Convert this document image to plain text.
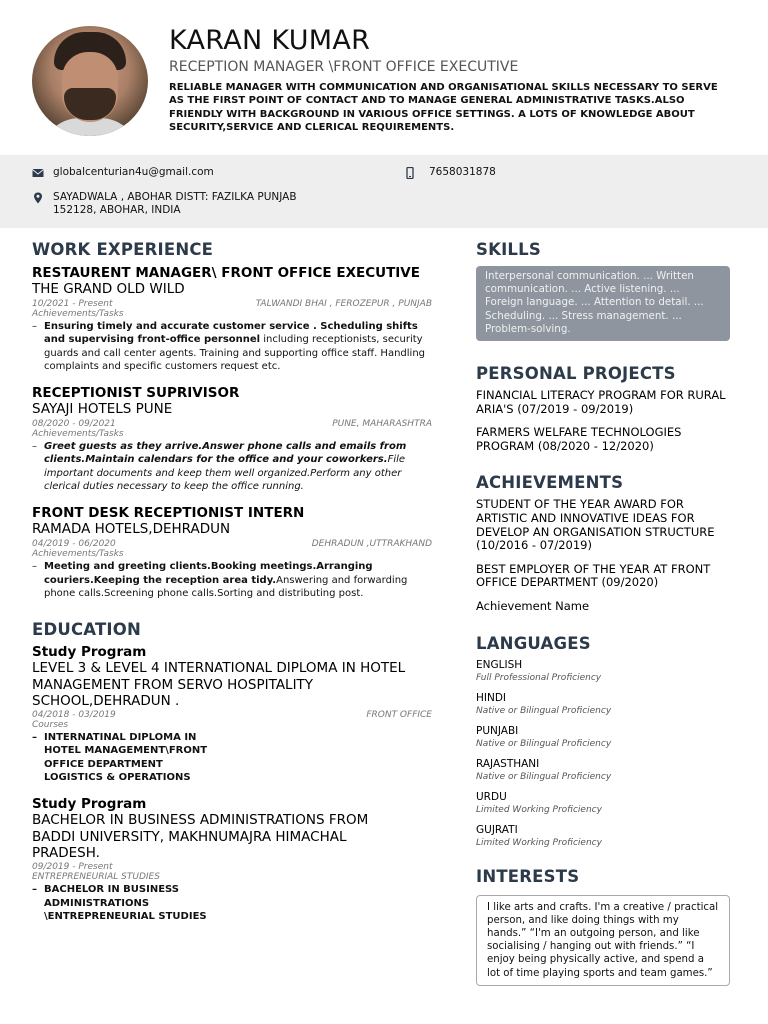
KARAN KUMAR
RECEPTION MANAGER \FRONT OFFICE EXECUTIVE
RELIABLE MANAGER WITH COMMUNICATION AND ORGANISATIONAL SKILLS NECESSARY TO SERVE AS THE FIRST POINT OF CONTACT AND TO MANAGE GENERAL ADMINISTRATIVE TASKS.ALSO FRIENDLY WITH BACKGROUND IN VARIOUS OFFICE SETTINGS. A LOTS OF KNOWLEDGE ABOUT SECURITY,SERVICE AND CLERICAL REQUIREMENTS.
globalcenturian4u@gmail.com	7658031878
SAYADWALA , ABOHAR DISTT: FAZILKA PUNJAB
152128, ABOHAR, INDIA
WORK EXPERIENCE
RESTAURENT MANAGER\ FRONT OFFICE EXECUTIVE
THE GRAND OLD WILD
10/2021 - Present	TALWANDI BHAI , FEROZEPUR , PUNJAB
Achievements/Tasks
– Ensuring timely and accurate customer service . Scheduling shifts and supervising front-office personnel including receptionists, security guards and call center agents. Training and supporting office staff. Handling complaints and specific customers request etc.
RECEPTIONIST SUPRIVISOR
SAYAJI HOTELS PUNE
08/2020 - 09/2021	PUNE, MAHARASHTRA
Achievements/Tasks
– Greet guests as they arrive.Answer phone calls and emails from clients.Maintain calendars for the office and your coworkers.File important documents and keep them well organized.Perform any other clerical duties necessary to keep the office running.
FRONT DESK RECEPTIONIST INTERN
RAMADA HOTELS,DEHRADUN
04/2019 - 06/2020	DEHRADUN ,UTTRAKHAND
Achievements/Tasks
– Meeting and greeting clients.Booking meetings.Arranging couriers.Keeping the reception area tidy.Answering and forwarding phone calls.Screening phone calls.Sorting and distributing post.
EDUCATION
Study Program
LEVEL 3 & LEVEL 4 INTERNATIONAL DIPLOMA IN HOTEL MANAGEMENT FROM SERVO HOSPITALITY SCHOOL,DEHRADUN .
04/2018 - 03/2019	FRONT OFFICE
Courses
– INTERNATINAL DIPLOMA IN HOTEL MANAGEMENT\FRONT OFFICE DEPARTMENT LOGISTICS & OPERATIONS
Study Program
BACHELOR IN BUSINESS ADMINISTRATIONS FROM BADDI UNIVERSITY, MAKHNUMAJRA HIMACHAL PRADESH.
09/2019 - Present
ENTREPRENEURIAL STUDIES
– BACHELOR IN BUSINESS ADMINISTRATIONS \ENTREPRENEURIAL STUDIES
SKILLS
Interpersonal communication. ... Written communication. ... Active listening. ... Foreign language. ... Attention to detail. ... Scheduling. ... Stress management. ... Problem-solving.
PERSONAL PROJECTS
FINANCIAL LITERACY PROGRAM FOR RURAL ARIA'S (07/2019 - 09/2019)
FARMERS WELFARE TECHNOLOGIES PROGRAM (08/2020 - 12/2020)
ACHIEVEMENTS
STUDENT OF THE YEAR AWARD FOR ARTISTIC AND INNOVATIVE IDEAS FOR DEVELOP AN ORGANISATION STRUCTURE (10/2016 - 07/2019)
BEST EMPLOYER OF THE YEAR AT FRONT OFFICE DEPARTMENT (09/2020)
Achievement Name
LANGUAGES
ENGLISH
Full Professional Proficiency
HINDI
Native or Bilingual Proficiency
PUNJABI
Native or Bilingual Proficiency
RAJASTHANI
Native or Bilingual Proficiency
URDU
Limited Working Proficiency
GUJRATI
Limited Working Proficiency
INTERESTS
I like arts and crafts. I'm a creative / practical person, and like doing things with my hands.” “I'm an outgoing person, and like socialising / hanging out with friends.” “I enjoy being physically active, and spend a lot of time playing sports and team games.”
